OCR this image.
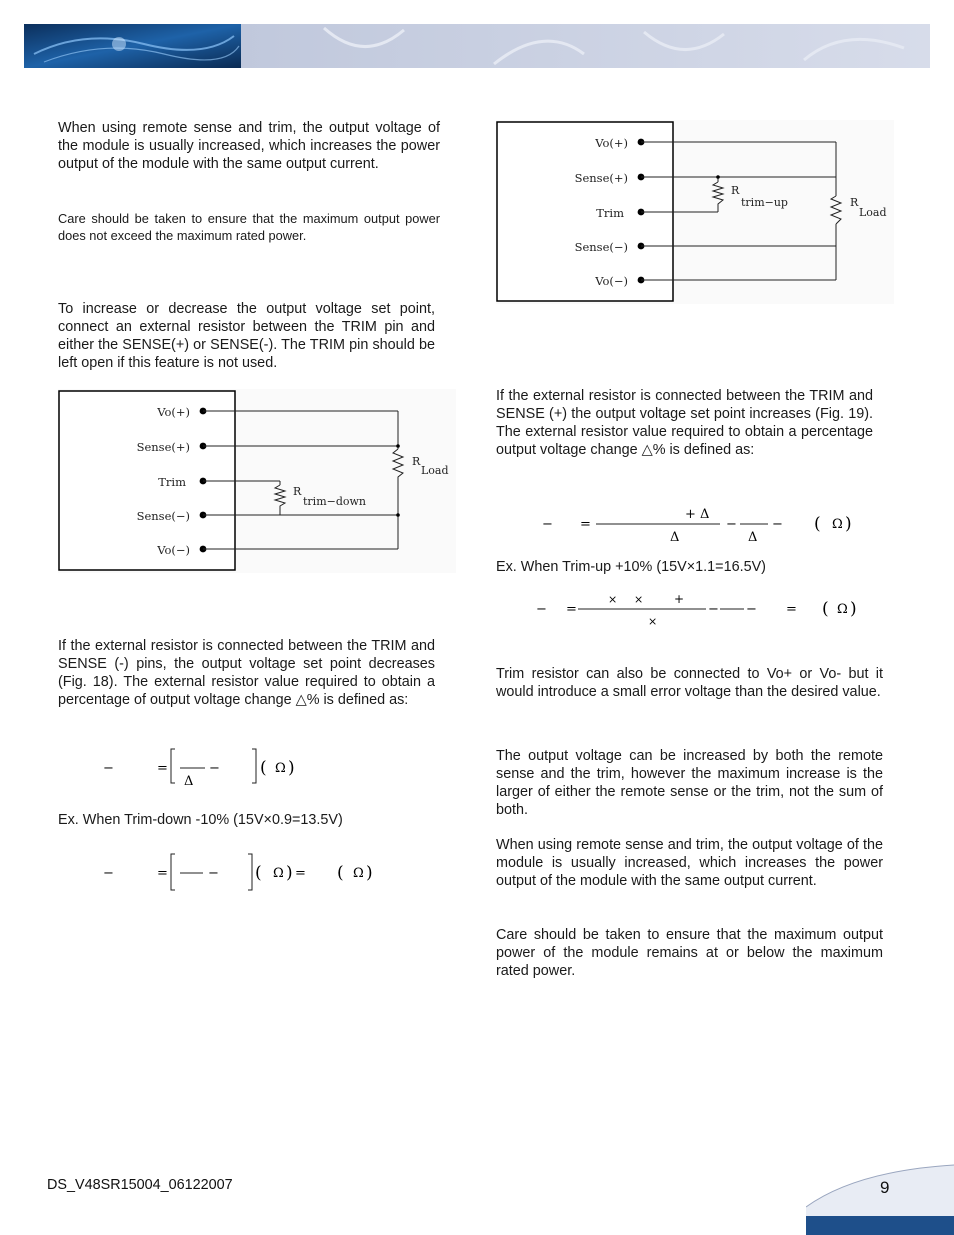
When using remote sense and trim, the output voltage of the module is usually increased, which increases the power output of the module with the same output current.
Care should be taken to ensure that the maximum output power does not exceed the maximum rated power.
To increase or decrease the output voltage set point, connect an external resistor between the TRIM pin and either the SENSE(+) or SENSE(-). The TRIM pin should be left open if this feature is not used.
Vo(+)
Sense(+)
Trim
Sense(−)
Vo(−)
R
Load
R
trim−down
If the external resistor is connected between the TRIM and SENSE (-) pins, the output voltage set point decreases (Fig. 18). The external resistor value required to obtain a percentage of output voltage change △% is defined as:
−	=
Δ
− ( Ω )
Ex. When Trim-down -10% (15V×0.9=13.5V)
−	=	− ( Ω ) = ( Ω )
Vo(+)
Sense(+)
Trim
Sense(−)
Vo(−)
R
Load
R
trim−up
If the external resistor is connected between the TRIM and SENSE (+) the output voltage set point increases (Fig. 19). The external resistor value required to obtain a percentage output voltage change △% is defined as:
− =
+ Δ
Δ
−
Δ
− ( Ω )
Ex. When Trim-up +10% (15V×1.1=16.5V)
− =
× ×	+
×
− − = ( Ω )
Trim resistor can also be connected to Vo+ or Vo- but it would introduce a small error voltage than the desired value.
The output voltage can be increased by both the remote sense and the trim, however the maximum increase is the larger of either the remote sense or the trim, not the sum of both.
When using remote sense and trim, the output voltage of the module is usually increased, which increases the power output of the module with the same output current.
Care should be taken to ensure that the maximum output power of the module remains at or below the maximum rated power.
DS_V48SR15004_06122007	9
